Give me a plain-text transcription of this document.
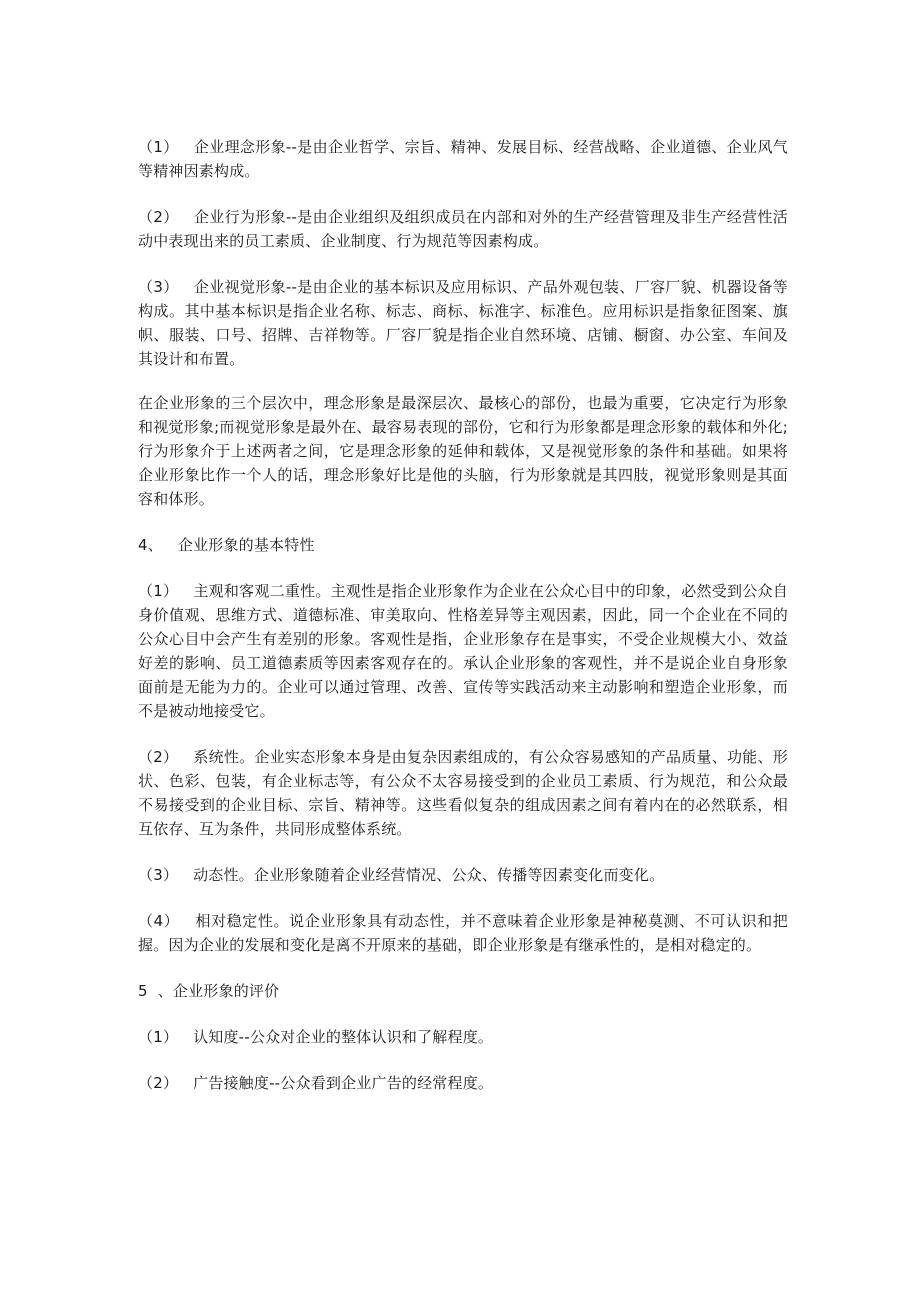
（1）   企业理念形象--是由企业哲学、宗旨、精神、发展目标、经营战略、企业道德、企业风气等精神因素构成。

（2）   企业行为形象--是由企业组织及组织成员在内部和对外的生产经营管理及非生产经营性活动中表现出来的员工素质、企业制度、行为规范等因素构成。

（3）   企业视觉形象--是由企业的基本标识及应用标识、产品外观包装、厂容厂貌、机器设备等构成。其中基本标识是指企业名称、标志、商标、标准字、标准色。应用标识是指象征图案、旗帜、服装、口号、招牌、吉祥物等。厂容厂貌是指企业自然环境、店铺、橱窗、办公室、车间及其设计和布置。

在企业形象的三个层次中，理念形象是最深层次、最核心的部份，也最为重要，它决定行为形象和视觉形象;而视觉形象是最外在、最容易表现的部份，它和行为形象都是理念形象的载体和外化;行为形象介于上述两者之间，它是理念形象的延伸和载体，又是视觉形象的条件和基础。如果将企业形象比作一个人的话，理念形象好比是他的头脑，行为形象就是其四肢，视觉形象则是其面容和体形。

4、   企业形象的基本特性

（1）   主观和客观二重性。主观性是指企业形象作为企业在公众心目中的印象，必然受到公众自身价值观、思维方式、道德标准、审美取向、性格差异等主观因素，因此，同一个企业在不同的公众心目中会产生有差别的形象。客观性是指，企业形象存在是事实，不受企业规模大小、效益好差的影响、员工道德素质等因素客观存在的。承认企业形象的客观性，并不是说企业自身形象面前是无能为力的。企业可以通过管理、改善、宣传等实践活动来主动影响和塑造企业形象，而不是被动地接受它。

（2）   系统性。企业实态形象本身是由复杂因素组成的，有公众容易感知的产品质量、功能、形状、色彩、包装，有企业标志等，有公众不太容易接受到的企业员工素质、行为规范，和公众最不易接受到的企业目标、宗旨、精神等。这些看似复杂的组成因素之间有着内在的必然联系，相互依存、互为条件，共同形成整体系统。

（3）   动态性。企业形象随着企业经营情况、公众、传播等因素变化而变化。

（4）   相对稳定性。说企业形象具有动态性，并不意味着企业形象是神秘莫测、不可认识和把握。因为企业的发展和变化是离不开原来的基础，即企业形象是有继承性的，是相对稳定的。

5  、企业形象的评价

（1）   认知度--公众对企业的整体认识和了解程度。

（2）   广告接触度--公众看到企业广告的经常程度。
